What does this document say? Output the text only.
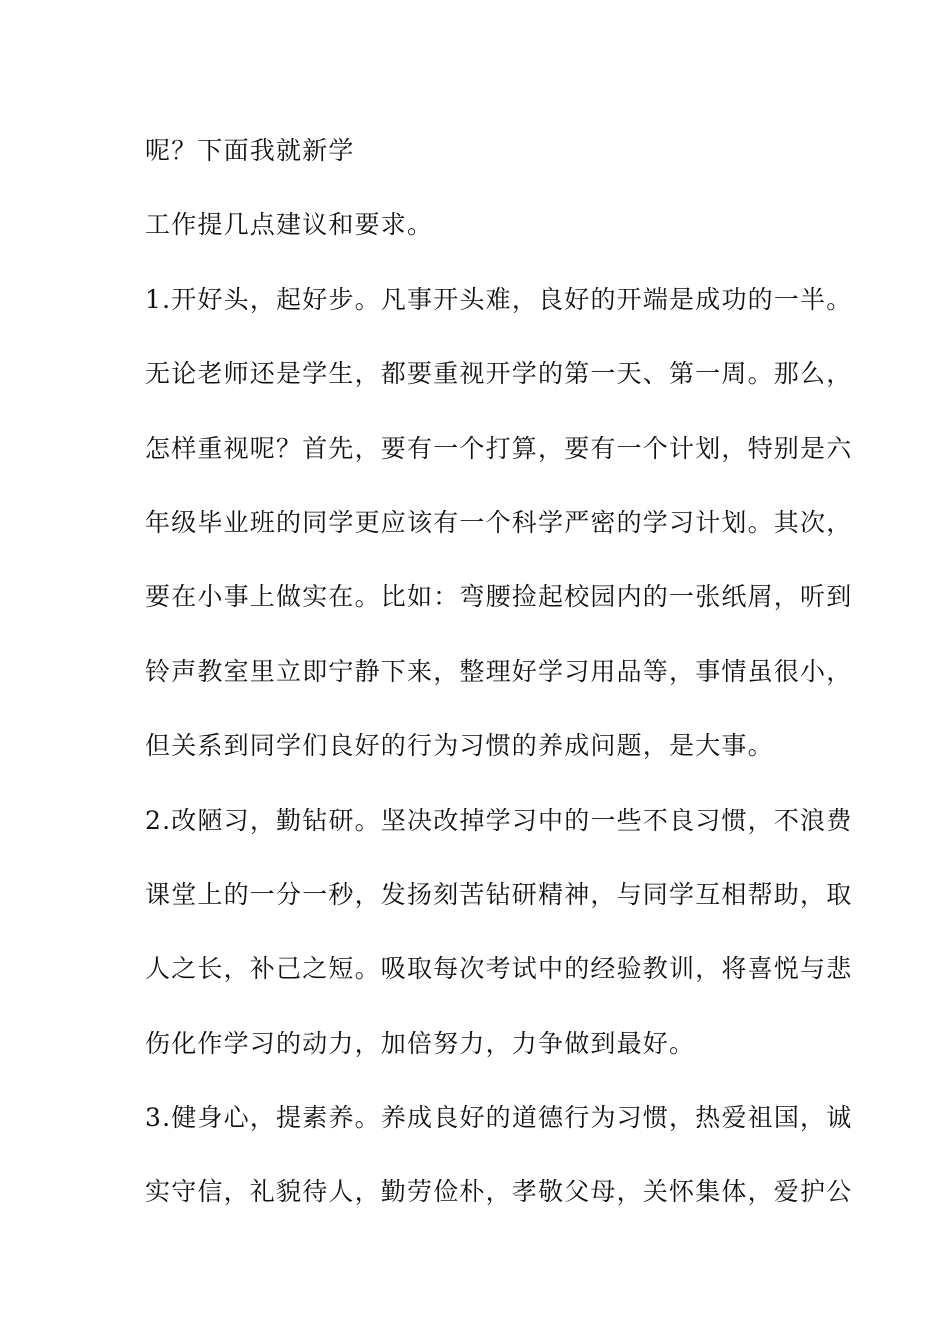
呢？下面我就新学
工作提几点建议和要求。
1.开好头，起好步。凡事开头难，良好的开端是成功的一半。
无论老师还是学生，都要重视开学的第一天、第一周。那么，
怎样重视呢？首先，要有一个打算，要有一个计划，特别是六
年级毕业班的同学更应该有一个科学严密的学习计划。其次，
要在小事上做实在。比如：弯腰捡起校园内的一张纸屑，听到
铃声教室里立即宁静下来，整理好学习用品等，事情虽很小，
但关系到同学们良好的行为习惯的养成问题，是大事。
2.改陋习，勤钻研。坚决改掉学习中的一些不良习惯，不浪费
课堂上的一分一秒，发扬刻苦钻研精神，与同学互相帮助，取
人之长，补己之短。吸取每次考试中的经验教训，将喜悦与悲
伤化作学习的动力，加倍努力，力争做到最好。
3.健身心，提素养。养成良好的道德行为习惯，热爱祖国，诚
实守信，礼貌待人，勤劳俭朴，孝敬父母，关怀集体，爱护公
